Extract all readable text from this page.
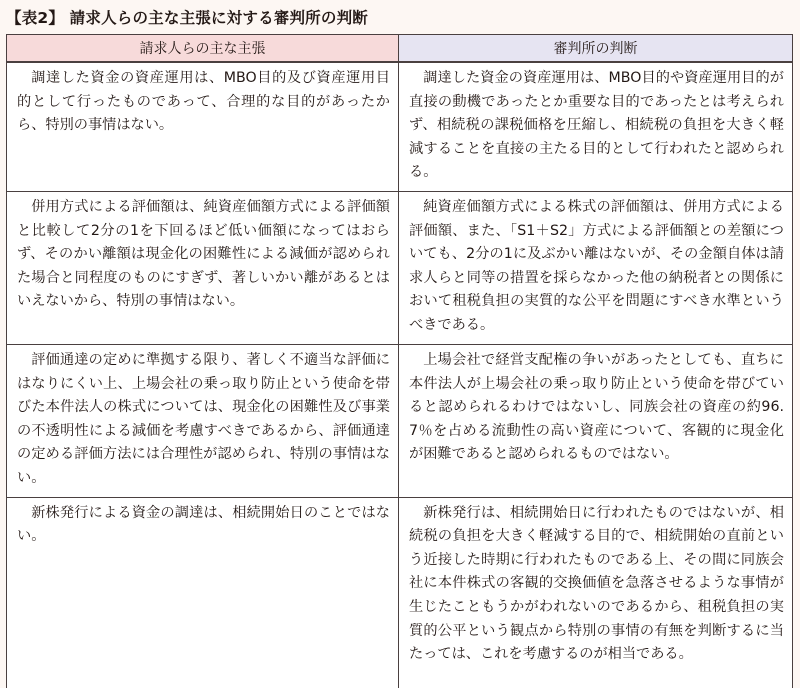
【表2】 請求人らの主な主張に対する審判所の判断
請求人らの主な主張	審判所の判断
調達した資金の資産運用は、MBO目的及び資産運用目的として行ったものであって、合理的な目的があったから、特別の事情はない。	調達した資金の資産運用は、MBO目的や資産運用目的が直接の動機であったとか重要な目的であったとは考えられず、相続税の課税価格を圧縮し、相続税の負担を大きく軽減することを直接の主たる目的として行われたと認められる。
併用方式による評価額は、純資産価額方式による評価額と比較して2分の1を下回るほど低い価額になってはおらず、そのかい離額は現金化の困難性による減価が認められた場合と同程度のものにすぎず、著しいかい離があるとはいえないから、特別の事情はない。	純資産価額方式による株式の評価額は、併用方式による評価額、また、「S1＋S2」方式による評価額との差額についても、2分の1に及ぶかい離はないが、その金額自体は請求人らと同等の措置を採らなかった他の納税者との関係において租税負担の実質的な公平を問題にすべき水準というべきである。
評価通達の定めに準拠する限り、著しく不適当な評価にはなりにくい上、上場会社の乗っ取り防止という使命を帯びた本件法人の株式については、現金化の困難性及び事業の不透明性による減価を考慮すべきであるから、評価通達の定める評価方法には合理性が認められ、特別の事情はない。	上場会社で経営支配権の争いがあったとしても、直ちに本件法人が上場会社の乗っ取り防止という使命を帯びていると認められるわけではないし、同族会社の資産の約96.7％を占める流動性の高い資産について、客観的に現金化が困難であると認められるものではない。
新株発行による資金の調達は、相続開始日のことではない。	新株発行は、相続開始日に行われたものではないが、相続税の負担を大きく軽減する目的で、相続開始の直前という近接した時期に行われたものである上、その間に同族会社に本件株式の客観的交換価値を急落させるような事情が生じたこともうかがわれないのであるから、租税負担の実質的公平という観点から特別の事情の有無を判断するに当たっては、これを考慮するのが相当である。
